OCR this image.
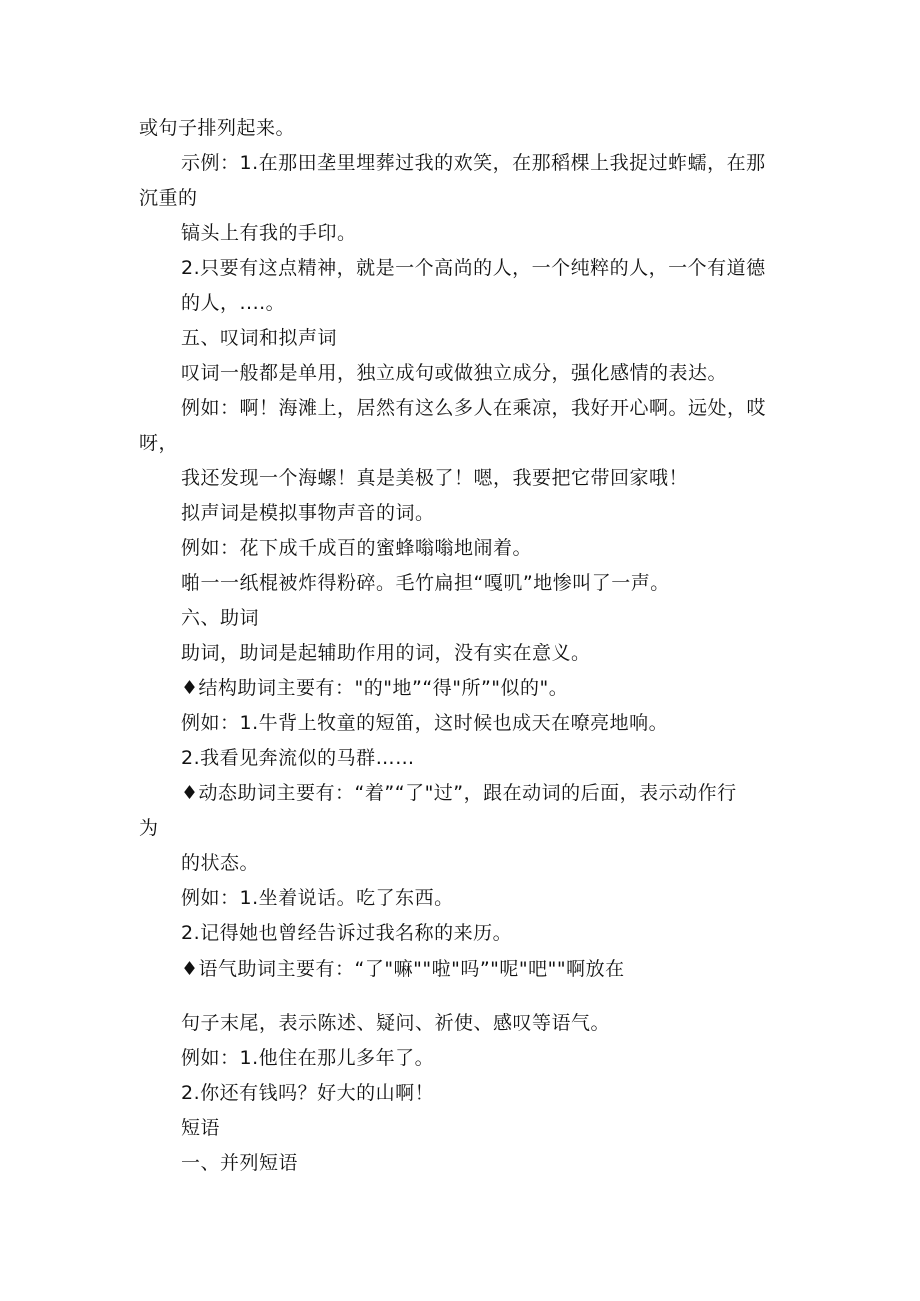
或句子排列起来。
示例：1.在那田垄里埋葬过我的欢笑，在那稻棵上我捉过蚱蠕，在那
沉重的
镐头上有我的手印。
2.只要有这点精神，就是一个高尚的人，一个纯粹的人，一个有道德
的人，....。
五、叹词和拟声词
叹词一般都是单用，独立成句或做独立成分，强化感情的表达。
例如：啊！海滩上，居然有这么多人在乘凉，我好开心啊。远处，哎
呀，
我还发现一个海螺！真是美极了！嗯，我要把它带回家哦！
拟声词是模拟事物声音的词。
例如：花下成千成百的蜜蜂嗡嗡地闹着。
啪一一纸棍被炸得粉碎。毛竹扁担“嘎叽”地惨叫了一声。
六、助词
助词，助词是起辅助作用的词，没有实在意义。
♦结构助词主要有："的"地”“得"所”"似的"。
例如：1.牛背上牧童的短笛，这时候也成天在嘹亮地响。
2.我看见奔流似的马群……
♦动态助词主要有：“着”“了"过”，跟在动词的后面，表示动作行
为
的状态。
例如：1.坐着说话。吃了东西。
2.记得她也曾经告诉过我名称的来历。
♦语气助词主要有：“了"嘛""啦"吗”"呢"吧""啊放在
句子末尾，表示陈述、疑问、祈使、感叹等语气。
例如：1.他住在那儿多年了。
2.你还有钱吗？好大的山啊！
短语
一、并列短语
